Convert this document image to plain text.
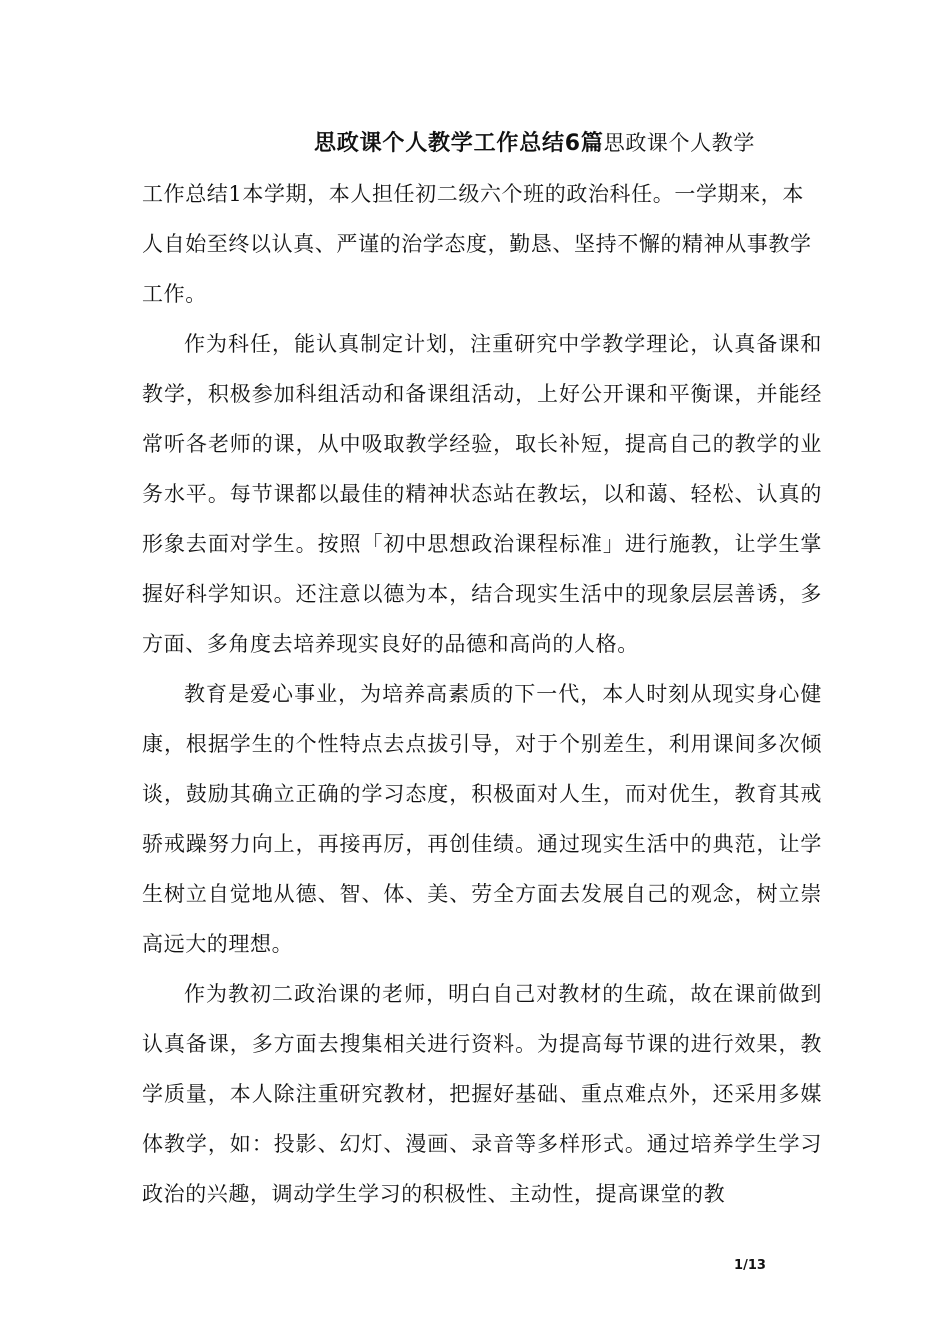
思政课个人教学工作总结6篇思政课个人教学
工作总结1本学期，本人担任初二级六个班的政治科任。一学期来，本人自始至终以认真、严谨的治学态度，勤恳、坚持不懈的精神从事教学工作。

作为科任，能认真制定计划，注重研究中学教学理论，认真备课和教学，积极参加科组活动和备课组活动，上好公开课和平衡课，并能经常听各老师的课，从中吸取教学经验，取长补短，提高自己的教学的业务水平。每节课都以最佳的精神状态站在教坛，以和蔼、轻松、认真的形象去面对学生。按照「初中思想政治课程标准」进行施教，让学生掌握好科学知识。还注意以德为本，结合现实生活中的现象层层善诱，多方面、多角度去培养现实良好的品德和高尚的人格。

教育是爱心事业，为培养高素质的下一代，本人时刻从现实身心健康，根据学生的个性特点去点拔引导，对于个别差生，利用课间多次倾谈，鼓励其确立正确的学习态度，积极面对人生，而对优生，教育其戒骄戒躁努力向上，再接再厉，再创佳绩。通过现实生活中的典范，让学生树立自觉地从德、智、体、美、劳全方面去发展自己的观念，树立崇高远大的理想。

作为教初二政治课的老师，明白自己对教材的生疏，故在课前做到认真备课，多方面去搜集相关进行资料。为提高每节课的进行效果，教学质量，本人除注重研究教材，把握好基础、重点难点外，还采用多媒体教学，如：投影、幻灯、漫画、录音等多样形式。通过培养学生学习政治的兴趣，调动学生学习的积极性、主动性，提高课堂的教

1/13
